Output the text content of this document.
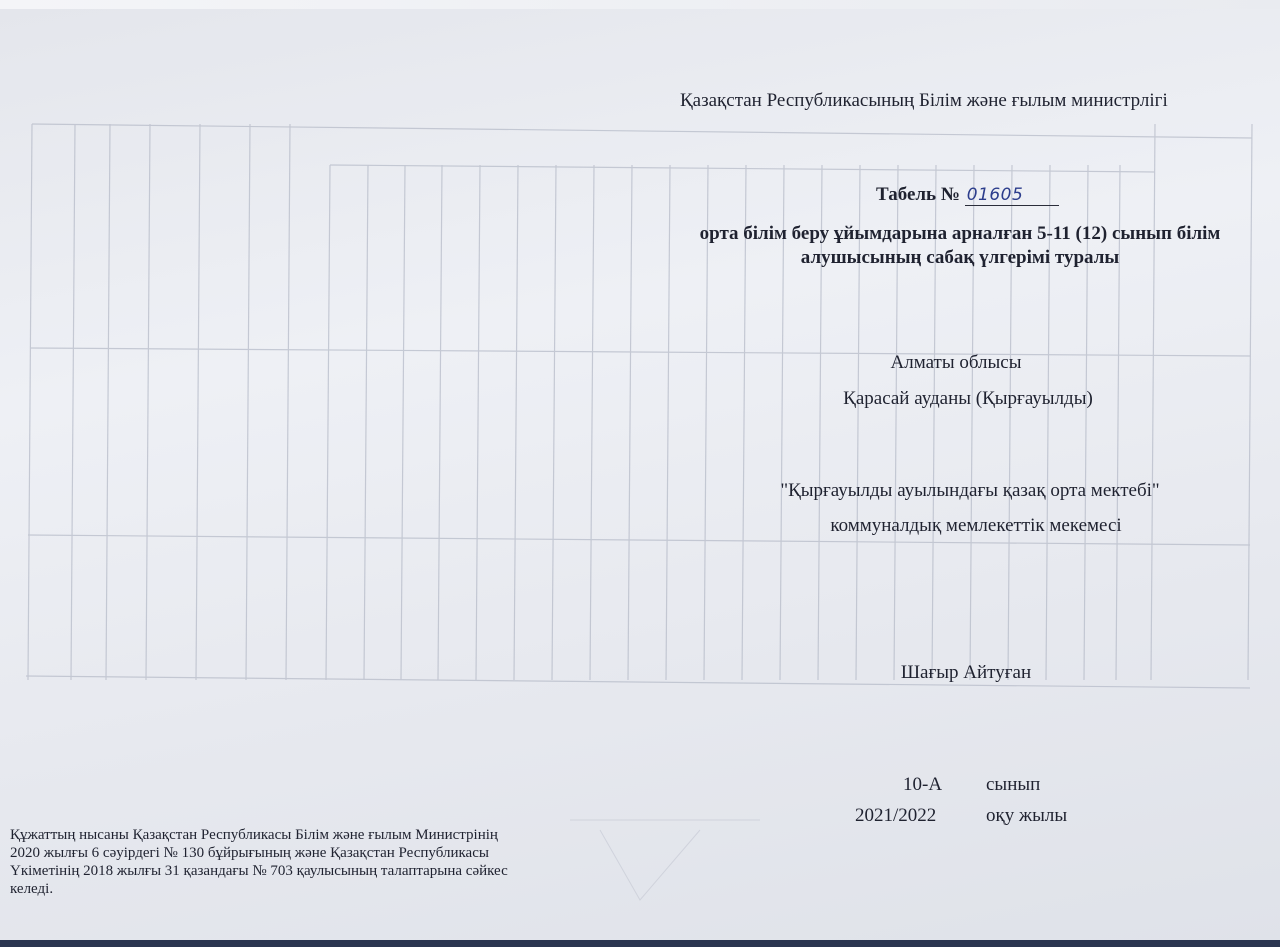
Қазақстан Республикасының Білім және ғылым министрлігі
Табель № 01605
орта білім беру ұйымдарына арналған 5-11 (12) сынып білім алушысының сабақ үлгерімі туралы
Алматы облысы
Қарасай ауданы (Қырғауылды)
"Қырғауылды ауылындағы қазақ орта мектебі"
коммуналдық мемлекеттік мекемесі
Шағыр Айтуған
10-А сынып
2021/2022	оқу жылы
Құжаттың нысаны Қазақстан Республикасы Білім және ғылым Министрінің 2020 жылғы 6 сәуірдегі № 130 бұйрығының және Қазақстан Республикасы Үкіметінің 2018 жылғы 31 қазандағы № 703 қаулысының талаптарына сәйкес келеді.
